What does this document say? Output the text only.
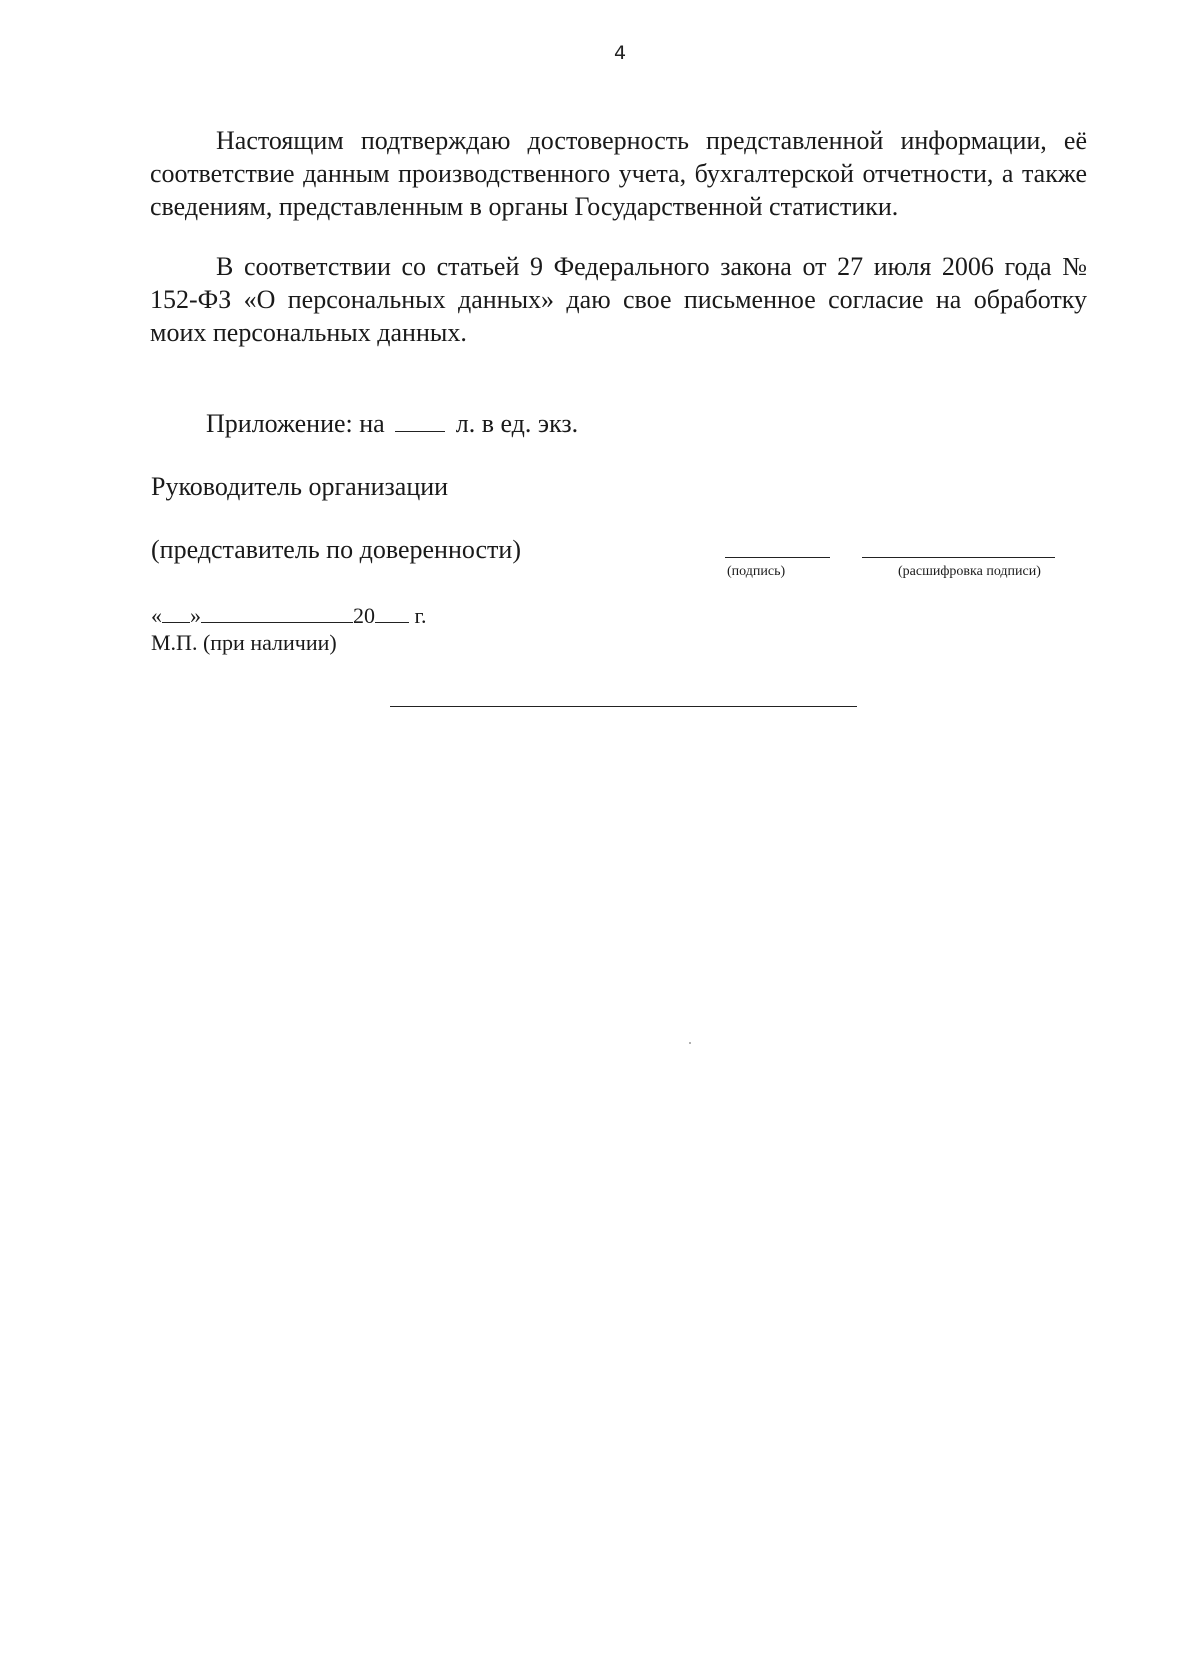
4

Настоящим подтверждаю достоверность представленной информации, её соответствие данным производственного учета, бухгалтерской отчетности, а также сведениям, представленным в органы Государственной статистики.

В соответствии со статьей 9 Федерального закона от 27 июля 2006 года № 152-ФЗ «О персональных данных» даю свое письменное согласие на обработку моих персональных данных.

Приложение: на	л. в ед. экз.
Руководитель организации
(представитель по доверенности)
(подпись)	(расшифровка подписи)
« »	20 г.
М.П. (при наличии)
